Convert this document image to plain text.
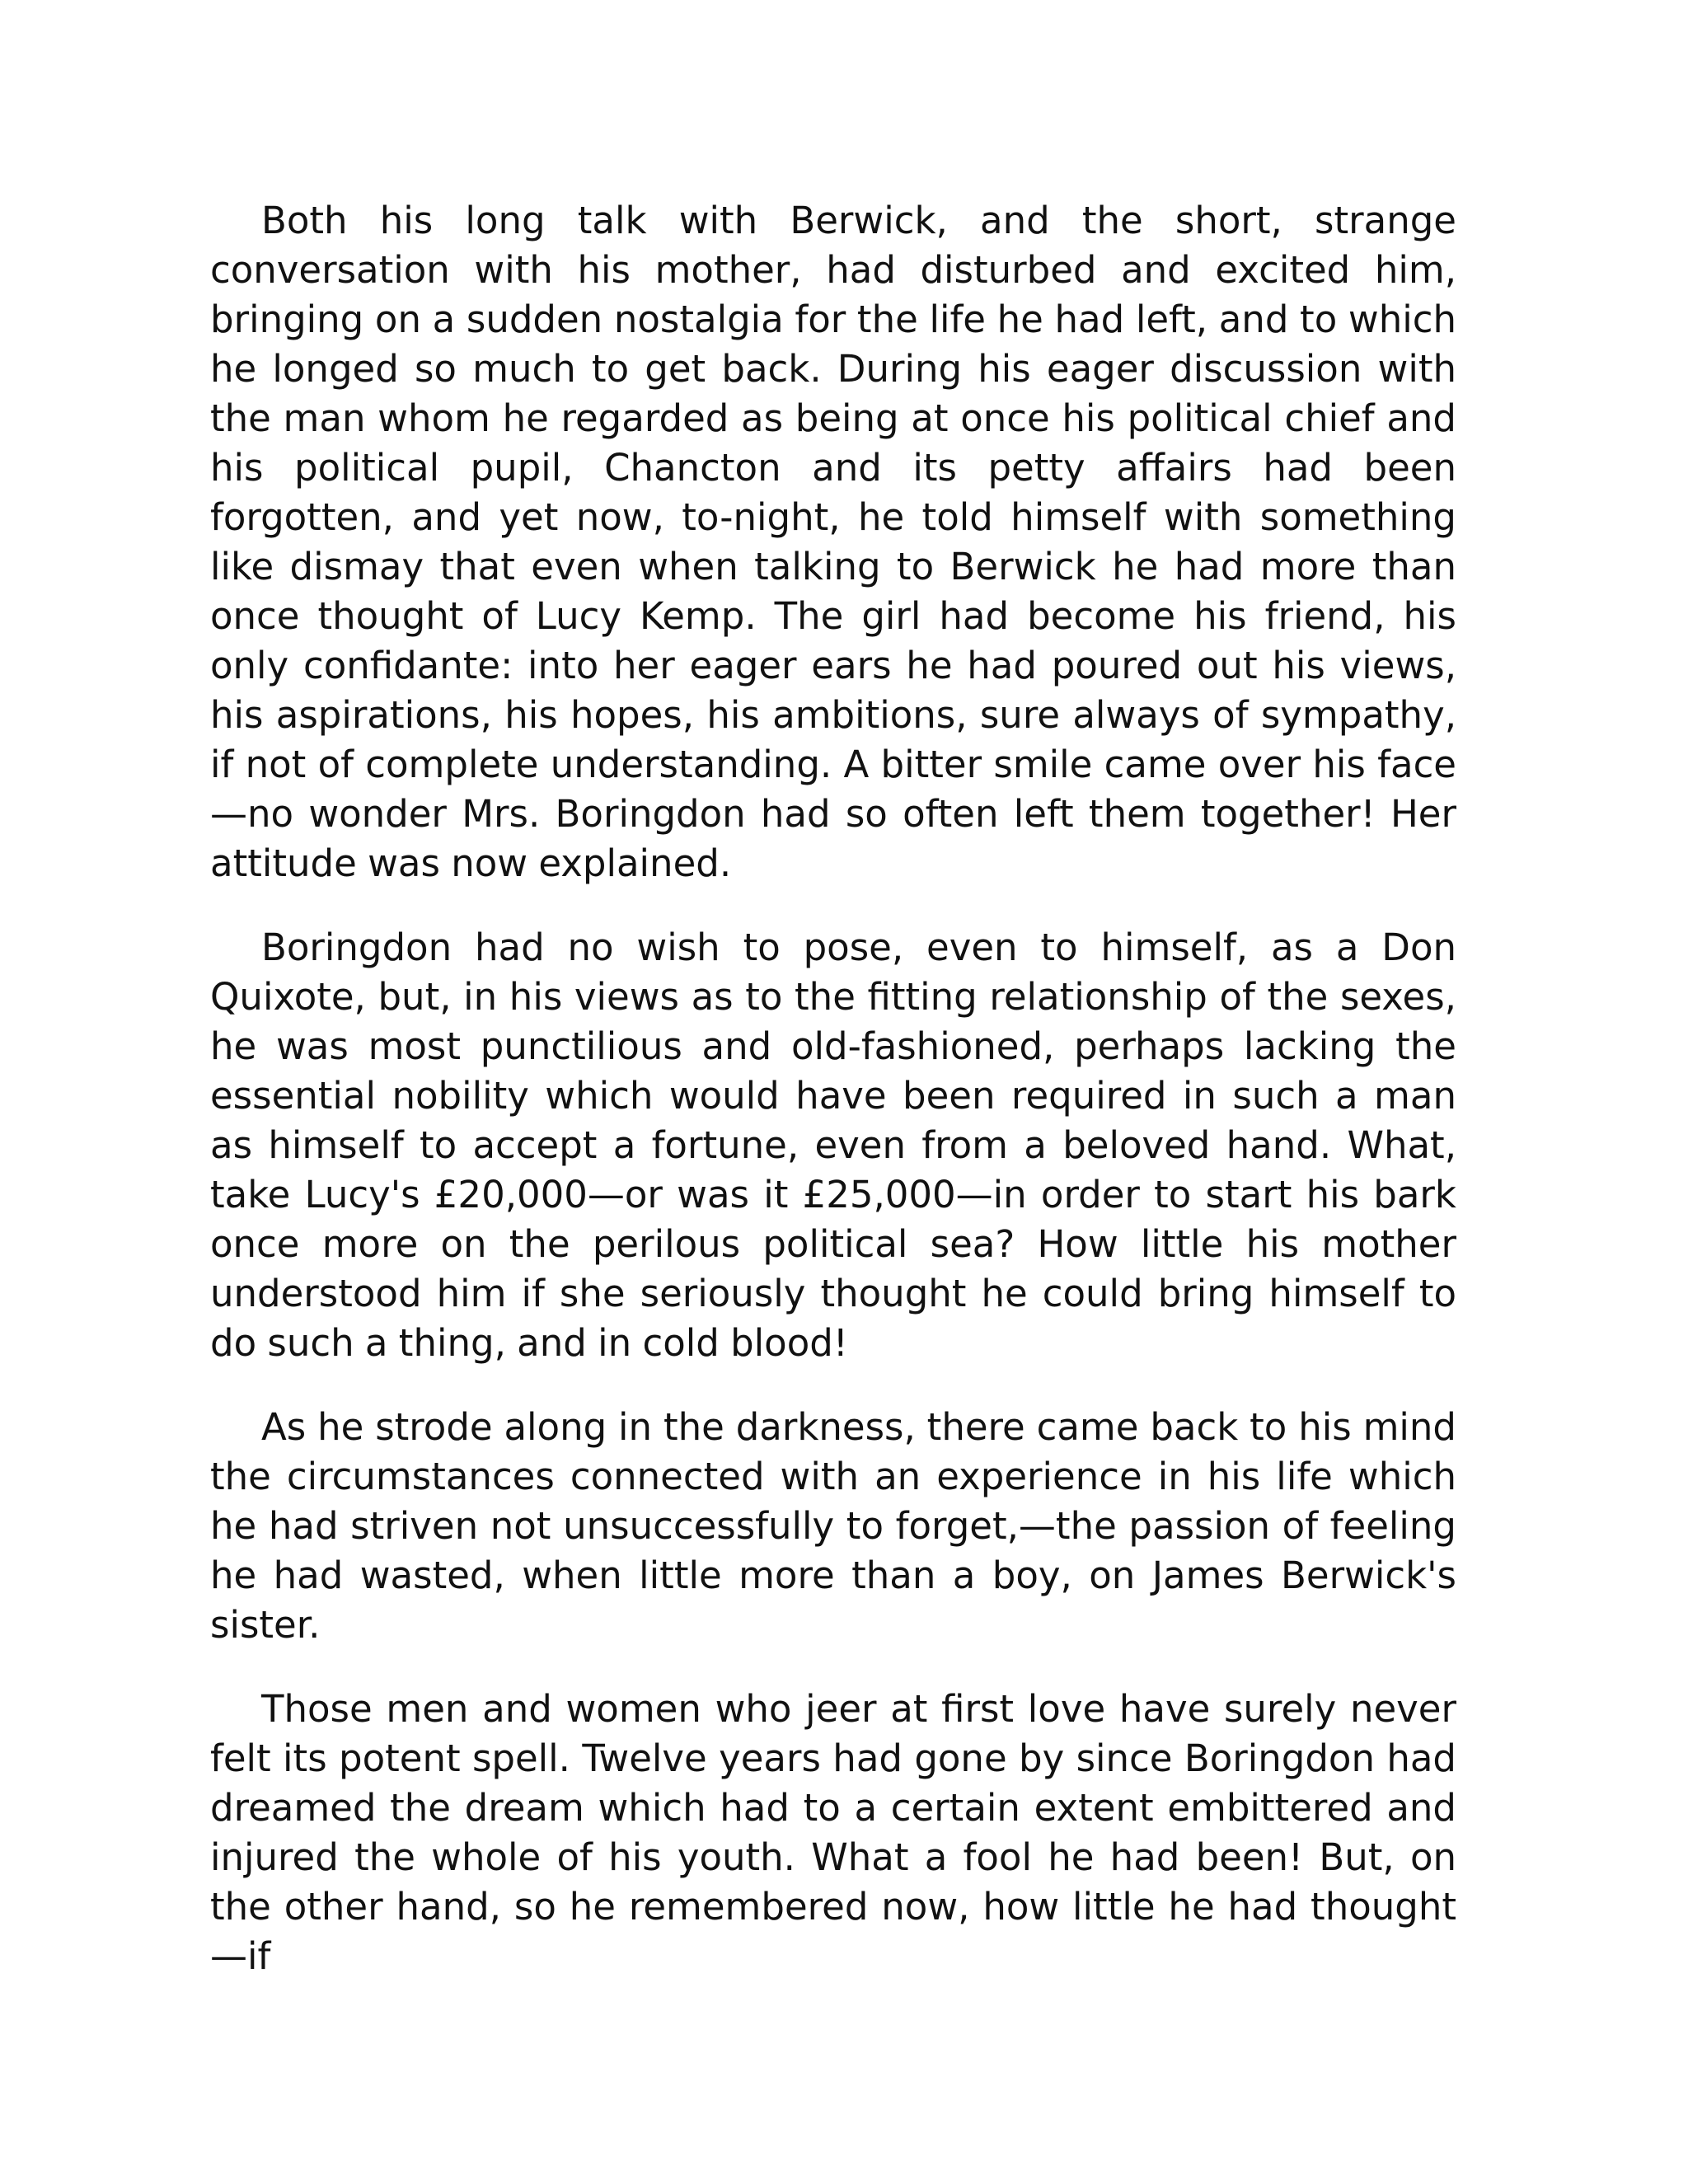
Both his long talk with Berwick, and the short, strange conversation with his mother, had disturbed and excited him, bringing on a sudden nostalgia for the life he had left, and to which he longed so much to get back. During his eager discussion with the man whom he regarded as being at once his political chief and his political pupil, Chancton and its petty affairs had been forgotten, and yet now, to-night, he told himself with something like dismay that even when talking to Berwick he had more than once thought of Lucy Kemp. The girl had become his friend, his only confidante: into her eager ears he had poured out his views, his aspirations, his hopes, his ambitions, sure always of sympathy, if not of complete understanding. A bitter smile came over his face—no wonder Mrs. Boringdon had so often left them together! Her attitude was now explained.

Boringdon had no wish to pose, even to himself, as a Don Quixote, but, in his views as to the fitting relationship of the sexes, he was most punctilious and old-fashioned, perhaps lacking the essential nobility which would have been required in such a man as himself to accept a fortune, even from a beloved hand. What, take Lucy's £20,000—or was it £25,000—in order to start his bark once more on the perilous political sea? How little his mother understood him if she seriously thought he could bring himself to do such a thing, and in cold blood!

As he strode along in the darkness, there came back to his mind the circumstances connected with an experience in his life which he had striven not unsuccessfully to forget,—the passion of feeling he had wasted, when little more than a boy, on James Berwick's sister.

Those men and women who jeer at first love have surely never felt its potent spell. Twelve years had gone by since Boringdon had dreamed the dream which had to a certain extent embittered and injured the whole of his youth. What a fool he had been! But, on the other hand, so he remembered now, how little he had thought—if
